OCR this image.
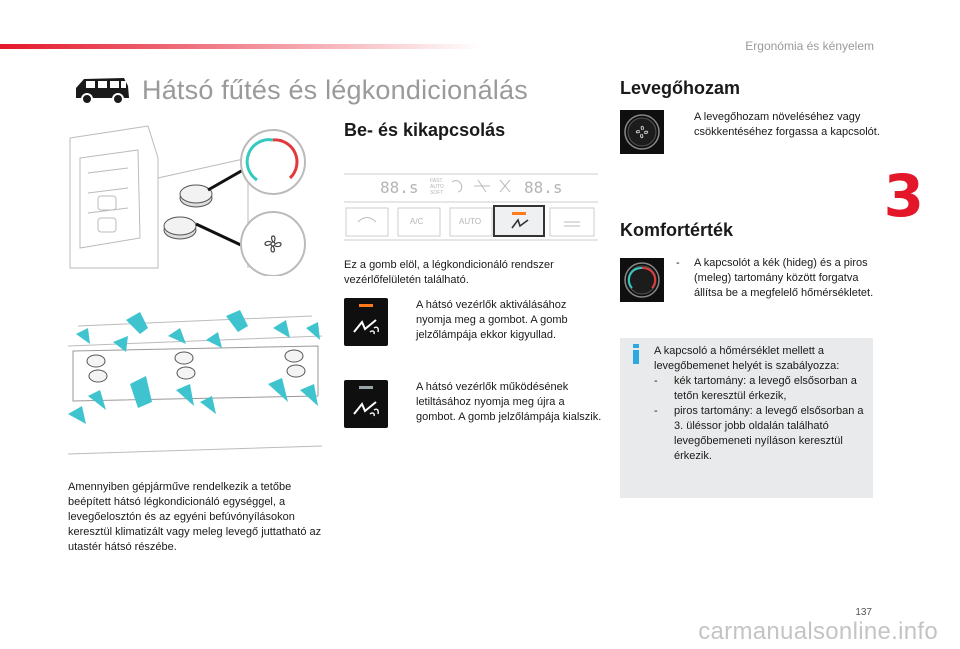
Ergonómia és kényelem
3
Hátsó fűtés és légkondicionálás

Amennyiben gépjárműve rendelkezik a tetőbe beépített hátsó légkondicionáló egységgel, a levegőelosztón és az egyéni befúvónyílásokon keresztül klimatizált vagy meleg levegő juttatható az utastér hátsó részébe.

Be- és kikapcsolás
88.s	88.s
FAST
AUTO
SOFT
A/C	AUTO

Ez a gomb elöl, a légkondicionáló rendszer vezérlőfelületén található.

A hátsó vezérlők aktiválásához nyomja meg a gombot. A gomb jelzőlámpája ekkor kigyullad.
A hátsó vezérlők működésének letiltásához nyomja meg újra a gombot. A gomb jelzőlámpája kialszik.
Levegőhozam
A levegőhozam növeléséhez vagy csökkentéséhez forgassa a kapcsolót.
Komfortérték
-	A kapcsolót a kék (hideg) és a piros (meleg) tartomány között forgatva állítsa be a megfelelő hőmérsékletet.
A kapcsoló a hőmérséklet mellett a levegőbemenet helyét is szabályozza:
-	kék tartomány: a levegő elsősorban a tetőn keresztül érkezik,
-	piros tartomány: a levegő elsősorban a 3. üléssor jobb oldalán található levegőbemeneti nyíláson keresztül érkezik.
137
carmanualsonline.info
